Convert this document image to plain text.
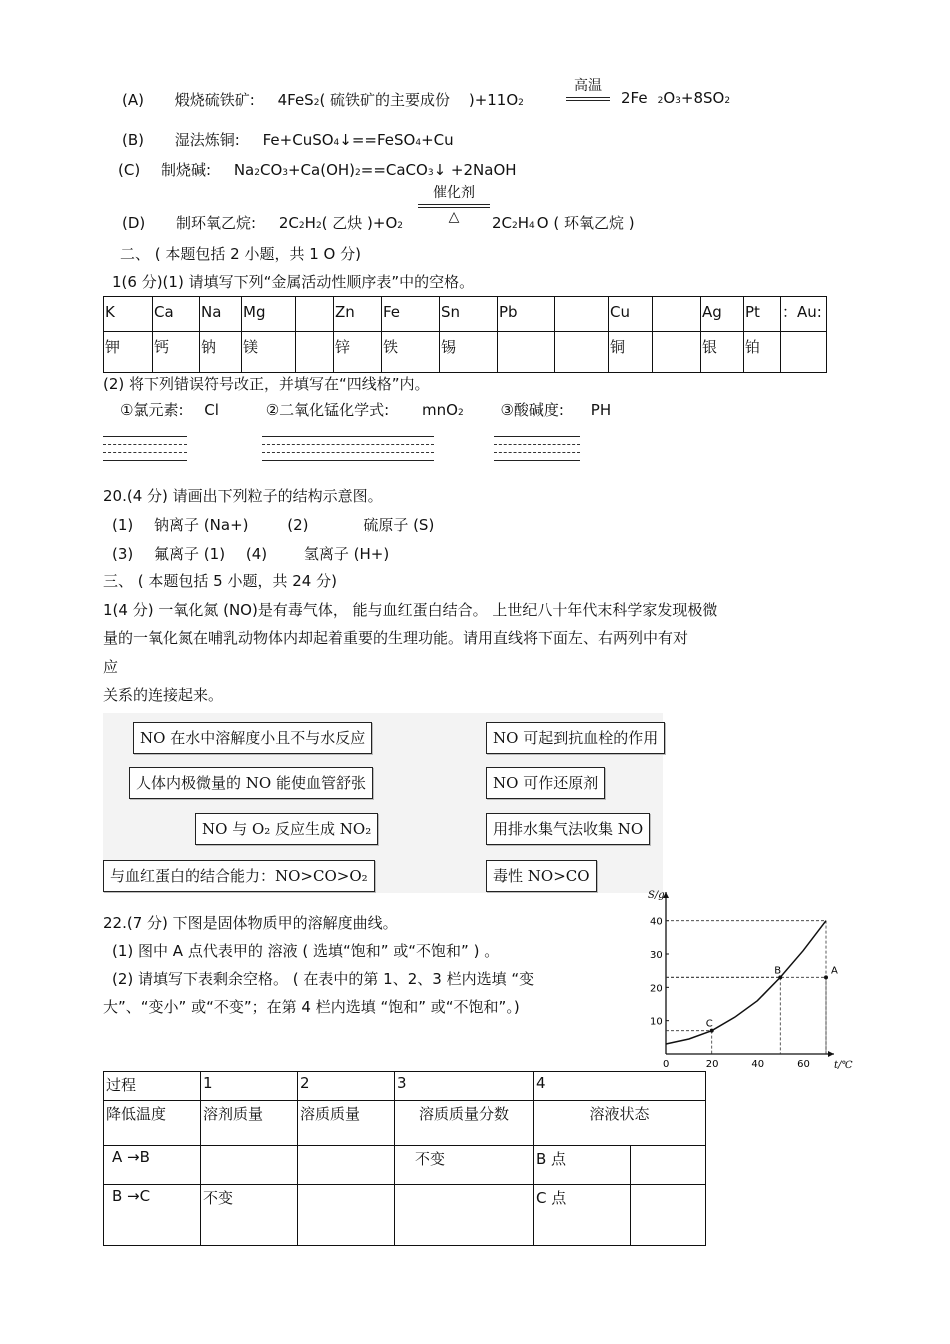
(A) 煅烧硫铁矿: 4FeS2( 硫铁矿的主要成份 )+11O2
高温
2Fe 2O3+8SO2
(B) 湿法炼铜: Fe+CuSO4↓==FeSO4+Cu
(C) 制烧碱: Na2CO3+Ca(OH)2==CaCO3↓ +2NaOH
(D) 制环氧乙烷: 2C2H2( 乙炔 )+O2
催化剂
△	2C2H4 O ( 环氧乙烷 )
二、 ( 本题包括 2 小题，共 1 O 分)
1(6 分)(1) 请填写下列“金属活动性顺序表”中的空格。
K	Ca	Na	Mg		Zn	Fe	Sn	Pb		Cu		Ag	Pt	：Au:
钾	钙	钠	镁		锌	铁	锡			铜		银	铂	
(2) 将下列错误符号改正，并填写在“四线格”内。
①氯元素: Cl	②二氧化锰化学式: mnO2 ③酸碱度: PH
20.(4 分) 请画出下列粒子的结构示意图。
(1) 钠离子 (Na+)	(2)	硫原子 (S)
(3) 氟离子 (1) (4) 氢离子 (H+)
三、 ( 本题包括 5 小题，共 24 分)
1(4 分) 一氧化氮 (NO)是有毒气体， 能与血红蛋白结合。 上世纪八十年代末科学家发现极微
量的一氧化氮在哺乳动物体内却起着重要的生理功能。请用直线将下面左、右两列中有对
应
关系的连接起来。
NO 在水中溶解度小且不与水反应
人体内极微量的 NO 能使血管舒张
NO 与 O₂ 反应生成 NO₂
与血红蛋白的结合能力：NO>CO>O₂
NO 可起到抗血栓的作用
NO 可作还原剂
用排水集气法收集 NO
毒性 NO>CO
22.(7 分) 下图是固体物质甲的溶解度曲线。
(1) 图中 A 点代表甲的 溶液 ( 选填“饱和” 或“不饱和” ) 。
(2) 请填写下表剩余空格。 ( 在表中的第 1、2、3 栏内选填 “变
大”、“变小” 或“不变”；在第 4 栏内选填 “饱和” 或“不饱和”。)
t/℃
S/g
0	20	40	60
10
20
30
40
A
B
C
过程	1	2	3	4	
降低温度	溶剂质量	溶质质量	溶质质量分数	溶液状态	
A →B			不变	B 点	
B →C	不变			C 点	
